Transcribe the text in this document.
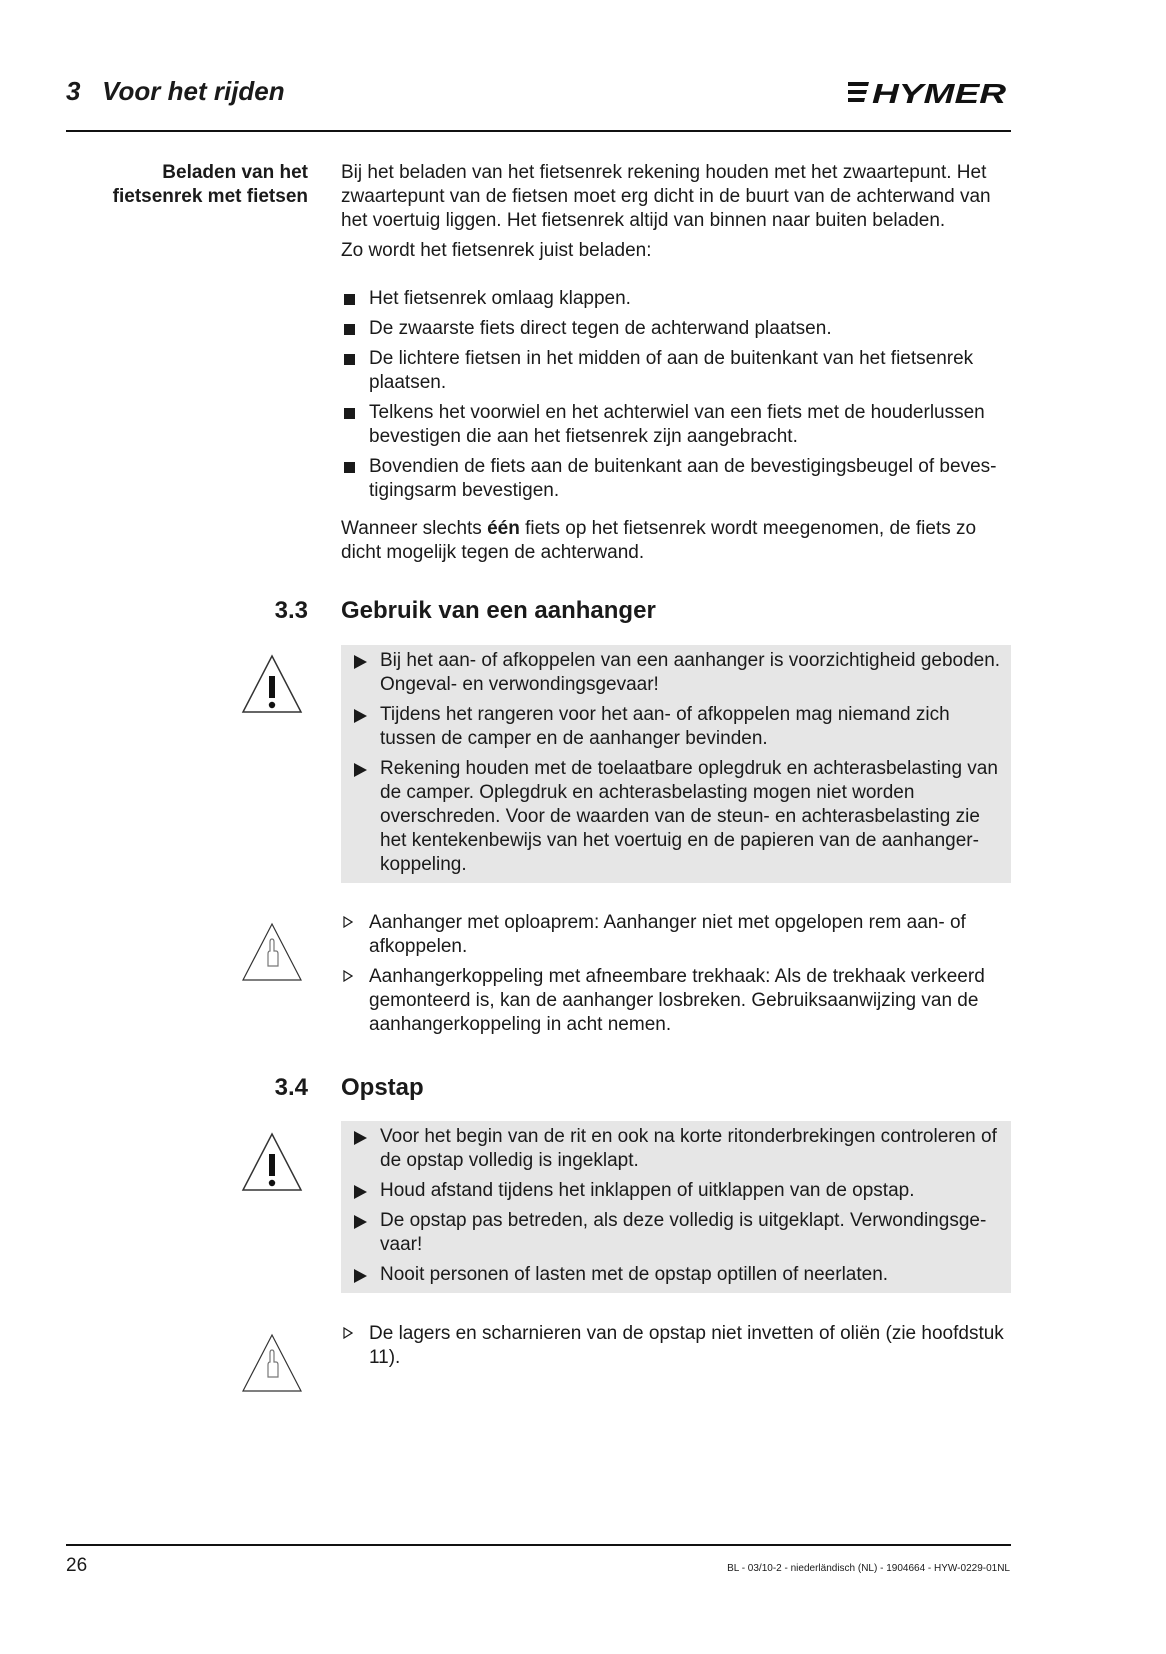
3 Voor het rijden	HYMER
Beladen van het
fietsenrek met fietsen

Bij het beladen van het fietsenrek rekening houden met het zwaartepunt. Het zwaartepunt van de fietsen moet erg dicht in de buurt van de achterwand van het voertuig liggen. Het fietsenrek altijd van binnen naar buiten beladen.

Zo wordt het fietsenrek juist beladen:

Het fietsenrek omlaag klappen.
De zwaarste fiets direct tegen de achterwand plaatsen.
De lichtere fietsen in het midden of aan de buitenkant van het fietsenrek plaatsen.
Telkens het voorwiel en het achterwiel van een fiets met de houderlussen bevestigen die aan het fietsenrek zijn aangebracht.
Bovendien de fiets aan de buitenkant aan de bevestigingsbeugel of beves-tigingsarm bevestigen.

Wanneer slechts één fiets op het fietsenrek wordt meegenomen, de fiets zo dicht mogelijk tegen de achterwand.

3.3 Gebruik van een aanhanger
Bij het aan- of afkoppelen van een aanhanger is voorzichtigheid geboden. Ongeval- en verwondingsgevaar!
Tijdens het rangeren voor het aan- of afkoppelen mag niemand zich tussen de camper en de aanhanger bevinden.
Rekening houden met de toelaatbare oplegdruk en achterasbelasting van de camper. Oplegdruk en achterasbelasting mogen niet worden overschreden. Voor de waarden van de steun- en achterasbelasting zie het kentekenbewijs van het voertuig en de papieren van de aanhanger-koppeling.
Aanhanger met oploaprem: Aanhanger niet met opgelopen rem aan- of afkoppelen.
Aanhangerkoppeling met afneembare trekhaak: Als de trekhaak verkeerd gemonteerd is, kan de aanhanger losbreken. Gebruiksaanwijzing van de aanhangerkoppeling in acht nemen.
3.4 Opstap
Voor het begin van de rit en ook na korte ritonderbrekingen controleren of de opstap volledig is ingeklapt.
Houd afstand tijdens het inklappen of uitklappen van de opstap.
De opstap pas betreden, als deze volledig is uitgeklapt. Verwondingsge-vaar!
Nooit personen of lasten met de opstap optillen of neerlaten.
De lagers en scharnieren van de opstap niet invetten of oliën (zie hoofdstuk 11).
26	BL - 03/10-2 - niederländisch (NL) - 1904664 - HYW-0229-01NL
